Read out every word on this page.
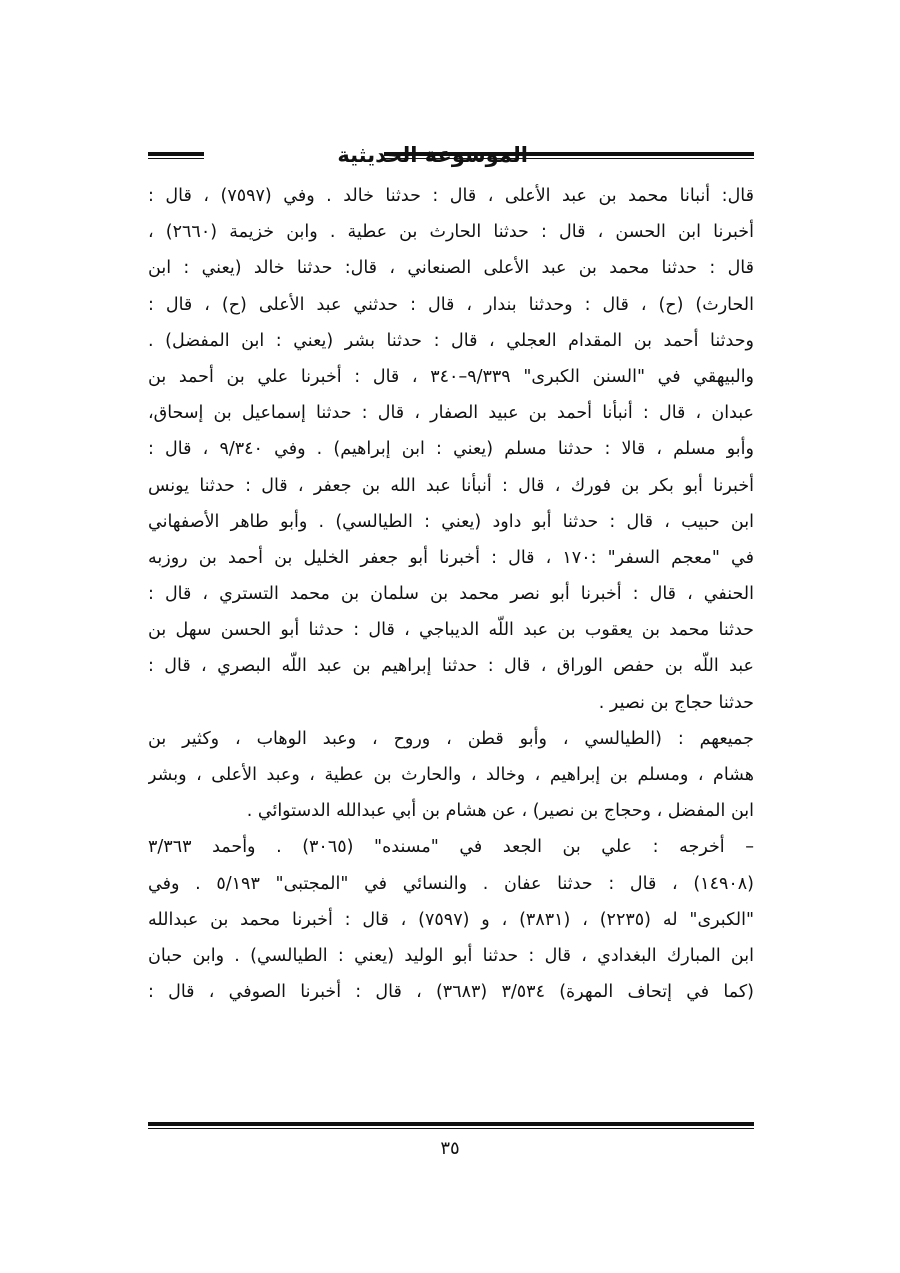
الموسوعة الحديثية
قال: أنبانا محمد بن عبد الأعلى ، قال : حدثنا خالد . وفي (٧٥٩٧) ، قال :
أخبرنا ابن الحسن ، قال : حدثنا الحارث بن عطية . وابن خزيمة (٢٦٦٠) ،
قال : حدثنا محمد بن عبد الأعلى الصنعاني ، قال: حدثنا خالد (يعني : ابن
الحارث) (ح) ، قال : وحدثنا بندار ، قال : حدثني عبد الأعلى (ح) ، قال :
وحدثنا أحمد بن المقدام العجلي ، قال : حدثنا بشر (يعني : ابن المفضل) .
والبيهقي في "السنن الكبرى" ٩/٣٣٩–٣٤٠ ، قال : أخبرنا علي بن أحمد بن
عبدان ، قال : أنبأنا أحمد بن عبيد الصفار ، قال : حدثنا إسماعيل بن إسحاق،
وأبو مسلم ، قالا : حدثنا مسلم (يعني : ابن إبراهيم) . وفي ٩/٣٤٠ ، قال :
أخبرنا أبو بكر بن فورك ، قال : أنبأنا عبد الله بن جعفر ، قال : حدثنا يونس
ابن حبيب ، قال : حدثنا أبو داود (يعني : الطيالسي) . وأبو طاهر الأصفهاني
في "معجم السفر" :١٧٠ ، قال : أخبرنا أبو جعفر الخليل بن أحمد بن روزبه
الحنفي ، قال : أخبرنا أبو نصر محمد بن سلمان بن محمد التستري ، قال :
حدثنا محمد بن يعقوب بن عبد اللّه الديباجي ، قال : حدثنا أبو الحسن سهل بن
عبد اللّه بن حفص الوراق ، قال : حدثنا إبراهيم بن عبد اللّه البصري ، قال :
حدثنا حجاج بن نصير .
جميعهم : (الطيالسي ، وأبو قطن ، وروح ، وعبد الوهاب ، وكثير بن
هشام ، ومسلم بن إبراهيم ، وخالد ، والحارث بن عطية ، وعبد الأعلى ، وبشر
ابن المفضل ، وحجاج بن نصير) ، عن هشام بن أبي عبدالله الدستوائي .
– أخرجه : علي بن الجعد في "مسنده" (٣٠٦٥) . وأحمد ٣/٣٦٣
(١٤٩٠٨) ، قال : حدثنا عفان . والنسائي في "المجتبى" ٥/١٩٣ . وفي
"الكبرى" له (٢٢٣٥) ، (٣٨٣١) ، و (٧٥٩٧) ، قال : أخبرنا محمد بن عبدالله
ابن المبارك البغدادي ، قال : حدثنا أبو الوليد (يعني : الطيالسي) . وابن حبان
(كما في إتحاف المهرة) ٣/٥٣٤ (٣٦٨٣) ، قال : أخبرنا الصوفي ، قال :
٣٥
